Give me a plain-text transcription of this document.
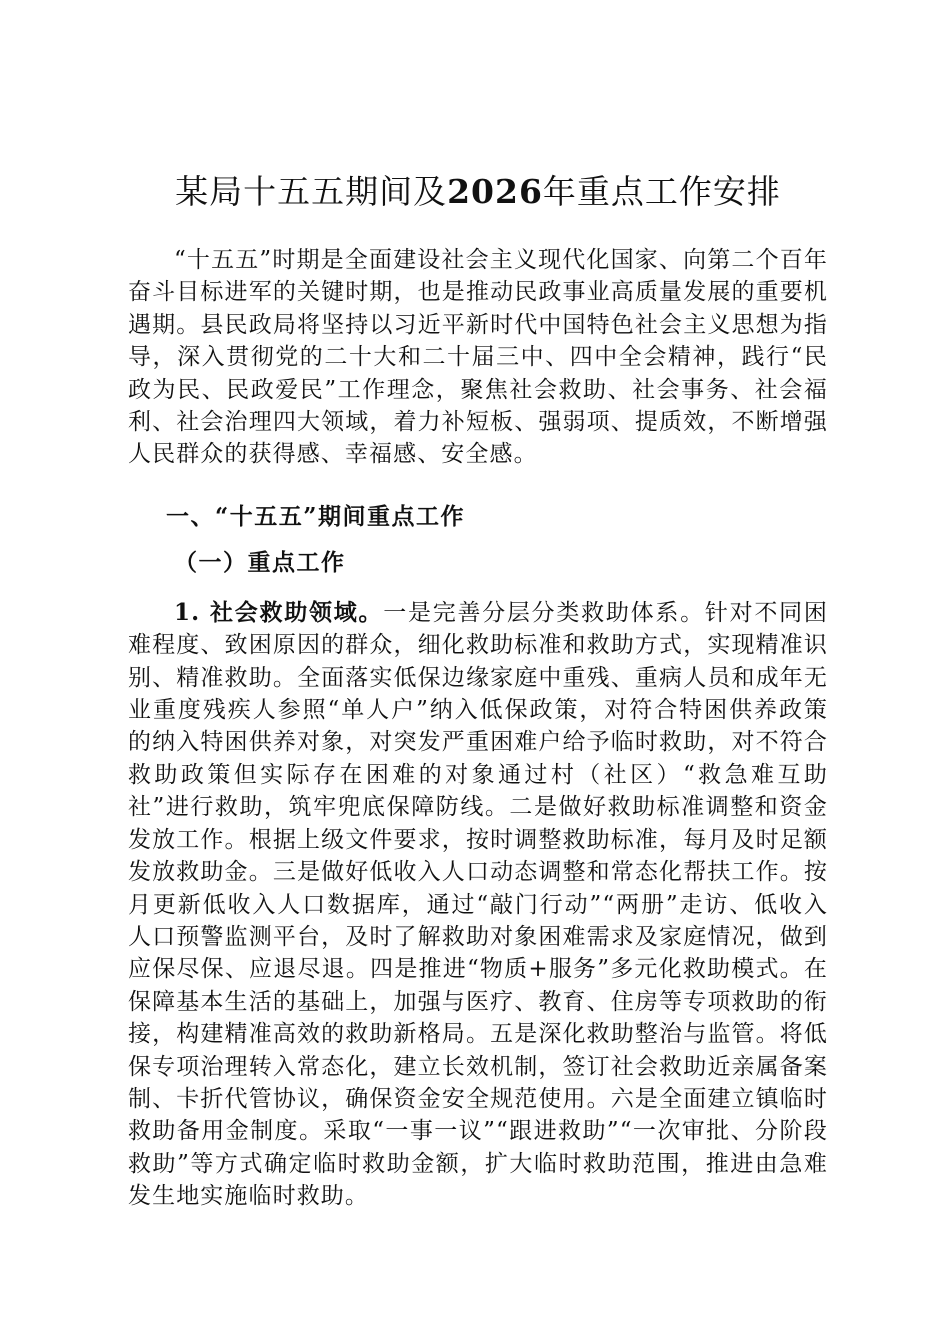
某局十五五期间及2026年重点工作安排

“十五五”时期是全面建设社会主义现代化国家、向第二个百年奋斗目标进军的关键时期，也是推动民政事业高质量发展的重要机遇期。县民政局将坚持以习近平新时代中国特色社会主义思想为指导，深入贯彻党的二十大和二十届三中、四中全会精神，践行“民政为民、民政爱民”工作理念，聚焦社会救助、社会事务、社会福利、社会治理四大领域，着力补短板、强弱项、提质效，不断增强人民群众的获得感、幸福感、安全感。

一、“十五五”期间重点工作
（一）重点工作

1. 社会救助领域。一是完善分层分类救助体系。针对不同困难程度、致困原因的群众，细化救助标准和救助方式，实现精准识别、精准救助。全面落实低保边缘家庭中重残、重病人员和成年无业重度残疾人参照“单人户”纳入低保政策，对符合特困供养政策的纳入特困供养对象，对突发严重困难户给予临时救助，对不符合救助政策但实际存在困难的对象通过村（社区）“救急难互助社”进行救助，筑牢兜底保障防线。二是做好救助标准调整和资金发放工作。根据上级文件要求，按时调整救助标准，每月及时足额发放救助金。三是做好低收入人口动态调整和常态化帮扶工作。按月更新低收入人口数据库，通过“敲门行动”“两册”走访、低收入人口预警监测平台，及时了解救助对象困难需求及家庭情况，做到应保尽保、应退尽退。四是推进“物质+服务”多元化救助模式。在保障基本生活的基础上，加强与医疗、教育、住房等专项救助的衔接，构建精准高效的救助新格局。五是深化救助整治与监管。将低保专项治理转入常态化，建立长效机制，签订社会救助近亲属备案制、卡折代管协议，确保资金安全规范使用。六是全面建立镇临时救助备用金制度。采取“一事一议”“跟进救助”“一次审批、分阶段救助”等方式确定临时救助金额，扩大临时救助范围，推进由急难发生地实施临时救助。
